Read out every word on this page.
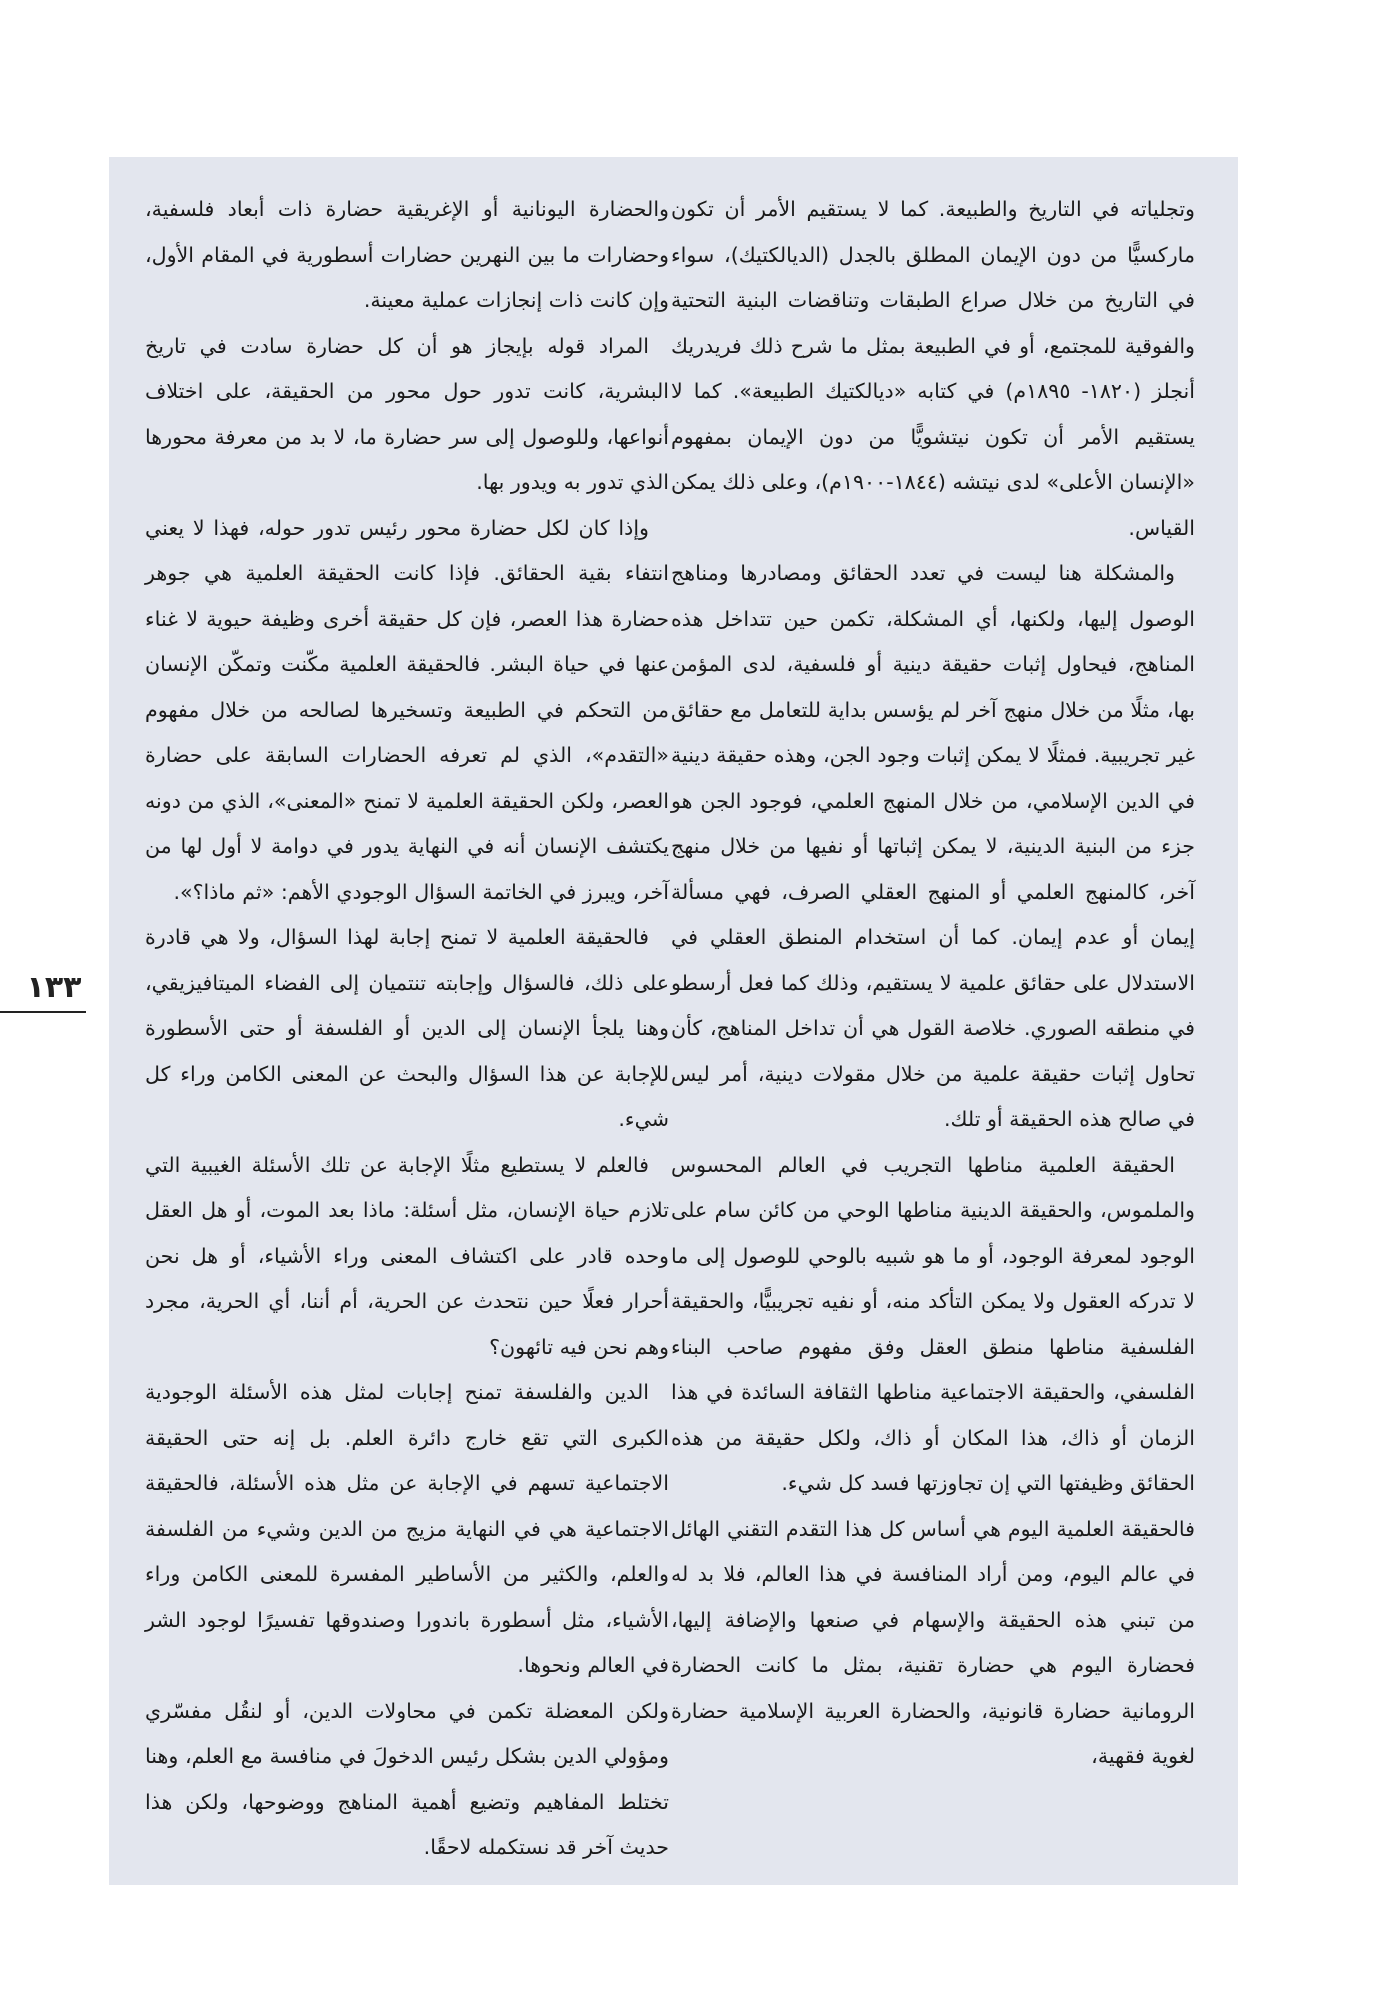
وتجلياته في التاريخ والطبيعة. كما لا يستقيم الأمر أن تكون ماركسيًّا من دون الإيمان المطلق بالجدل (الديالكتيك)، سواء في التاريخ من خلال صراع الطبقات وتناقضات البنية التحتية والفوقية للمجتمع، أو في الطبيعة بمثل ما شرح ذلك فريدريك أنجلز (١٨٢٠- ١٨٩٥م) في كتابه «ديالكتيك الطبيعة». كما لا يستقيم الأمر أن تكون نيتشويًّا من دون الإيمان بمفهوم «الإنسان الأعلى» لدى نيتشه (١٨٤٤-١٩٠٠م)، وعلى ذلك يمكن القياس.

والمشكلة هنا ليست في تعدد الحقائق ومصادرها ومناهج الوصول إليها، ولكنها، أي المشكلة، تكمن حين تتداخل هذه المناهج، فيحاول إثبات حقيقة دينية أو فلسفية، لدى المؤمن بها، مثلًا من خلال منهج آخر لم يؤسس بداية للتعامل مع حقائق غير تجريبية. فمثلًا لا يمكن إثبات وجود الجن، وهذه حقيقة دينية في الدين الإسلامي، من خلال المنهج العلمي، فوجود الجن هو جزء من البنية الدينية، لا يمكن إثباتها أو نفيها من خلال منهج آخر، كالمنهج العلمي أو المنهج العقلي الصرف، فهي مسألة إيمان أو عدم إيمان. كما أن استخدام المنطق العقلي في الاستدلال على حقائق علمية لا يستقيم، وذلك كما فعل أرسطو في منطقه الصوري. خلاصة القول هي أن تداخل المناهج، كأن تحاول إثبات حقيقة علمية من خلال مقولات دينية، أمر ليس في صالح هذه الحقيقة أو تلك.

الحقيقة العلمية مناطها التجريب في العالم المحسوس والملموس، والحقيقة الدينية مناطها الوحي من كائن سام على الوجود لمعرفة الوجود، أو ما هو شبيه بالوحي للوصول إلى ما لا تدركه العقول ولا يمكن التأكد منه، أو نفيه تجريبيًّا، والحقيقة الفلسفية مناطها منطق العقل وفق مفهوم صاحب البناء الفلسفي، والحقيقة الاجتماعية مناطها الثقافة السائدة في هذا الزمان أو ذاك، هذا المكان أو ذاك، ولكل حقيقة من هذه الحقائق وظيفتها التي إن تجاوزتها فسد كل شيء.

فالحقيقة العلمية اليوم هي أساس كل هذا التقدم التقني الهائل في عالم اليوم، ومن أراد المنافسة في هذا العالم، فلا بد له من تبني هذه الحقيقة والإسهام في صنعها والإضافة إليها، فحضارة اليوم هي حضارة تقنية، بمثل ما كانت الحضارة الرومانية حضارة قانونية، والحضارة العربية الإسلامية حضارة لغوية فقهية،

والحضارة اليونانية أو الإغريقية حضارة ذات أبعاد فلسفية، وحضارات ما بين النهرين حضارات أسطورية في المقام الأول، وإن كانت ذات إنجازات عملية معينة.

المراد قوله بإيجاز هو أن كل حضارة سادت في تاريخ البشرية، كانت تدور حول محور من الحقيقة، على اختلاف أنواعها، وللوصول إلى سر حضارة ما، لا بد من معرفة محورها الذي تدور به ويدور بها.

وإذا كان لكل حضارة محور رئيس تدور حوله، فهذا لا يعني انتفاء بقية الحقائق. فإذا كانت الحقيقة العلمية هي جوهر حضارة هذا العصر، فإن كل حقيقة أخرى وظيفة حيوية لا غناء عنها في حياة البشر. فالحقيقة العلمية مكّنت وتمكّن الإنسان من التحكم في الطبيعة وتسخيرها لصالحه من خلال مفهوم «التقدم»، الذي لم تعرفه الحضارات السابقة على حضارة العصر، ولكن الحقيقة العلمية لا تمنح «المعنى»، الذي من دونه يكتشف الإنسان أنه في النهاية يدور في دوامة لا أول لها من آخر، ويبرز في الخاتمة السؤال الوجودي الأهم: «ثم ماذا؟».

فالحقيقة العلمية لا تمنح إجابة لهذا السؤال، ولا هي قادرة على ذلك، فالسؤال وإجابته تنتميان إلى الفضاء الميتافيزيقي، وهنا يلجأ الإنسان إلى الدين أو الفلسفة أو حتى الأسطورة للإجابة عن هذا السؤال والبحث عن المعنى الكامن وراء كل شيء.

فالعلم لا يستطيع مثلًا الإجابة عن تلك الأسئلة الغيبية التي تلازم حياة الإنسان، مثل أسئلة: ماذا بعد الموت، أو هل العقل وحده قادر على اكتشاف المعنى وراء الأشياء، أو هل نحن أحرار فعلًا حين نتحدث عن الحرية، أم أننا، أي الحرية، مجرد وهم نحن فيه تائهون؟

الدين والفلسفة تمنح إجابات لمثل هذه الأسئلة الوجودية الكبرى التي تقع خارج دائرة العلم. بل إنه حتى الحقيقة الاجتماعية تسهم في الإجابة عن مثل هذه الأسئلة، فالحقيقة الاجتماعية هي في النهاية مزيج من الدين وشيء من الفلسفة والعلم، والكثير من الأساطير المفسرة للمعنى الكامن وراء الأشياء، مثل أسطورة باندورا وصندوقها تفسيرًا لوجود الشر في العالم ونحوها.

ولكن المعضلة تكمن في محاولات الدين، أو لنقُل مفسّري ومؤولي الدين بشكل رئيس الدخولَ في منافسة مع العلم، وهنا تختلط المفاهيم وتضيع أهمية المناهج ووضوحها، ولكن هذا حديث آخر قد نستكمله لاحقًا.

١٣٣
